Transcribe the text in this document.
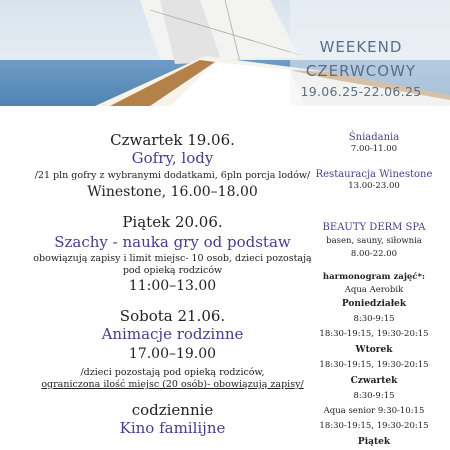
WEEKEND
CZERWCOWY
19.06.25-22.06.25
Czwartek 19.06.
Gofry, lody
/21 pln gofry z wybranymi dodatkami, 6pln porcja lodów/
Winestone, 16.00–18.00
Piątek 20.06.
Szachy - nauka gry od podstaw
obowiązują zapisy i limit miejsc- 10 osob, dzieci pozostają
pod opieką rodziców
11:00–13.00
Sobota 21.06.
Animacje rodzinne
17.00–19.00
/dzieci pozostają pod opieką rodziców,
ograniczona ilość miejsc (20 osób)- obowiązują zapisy/
codziennie
Kino familijne
Śniadania
7.00-11.00
Restauracja Winestone
13.00-23.00
BEAUTY DERM SPA
basen, sauny, siłownia
8.00-22.00
harmonogram zajęć*:
Aqua Aerobik
Poniedziałek
8:30-9:15
18:30-19:15, 19:30-20:15
Wtorek
18:30-19:15, 19:30-20:15
Czwartek
8:30-9:15
Aqua senior 9:30-10:15
18:30-19:15, 19:30-20:15
Piątek
